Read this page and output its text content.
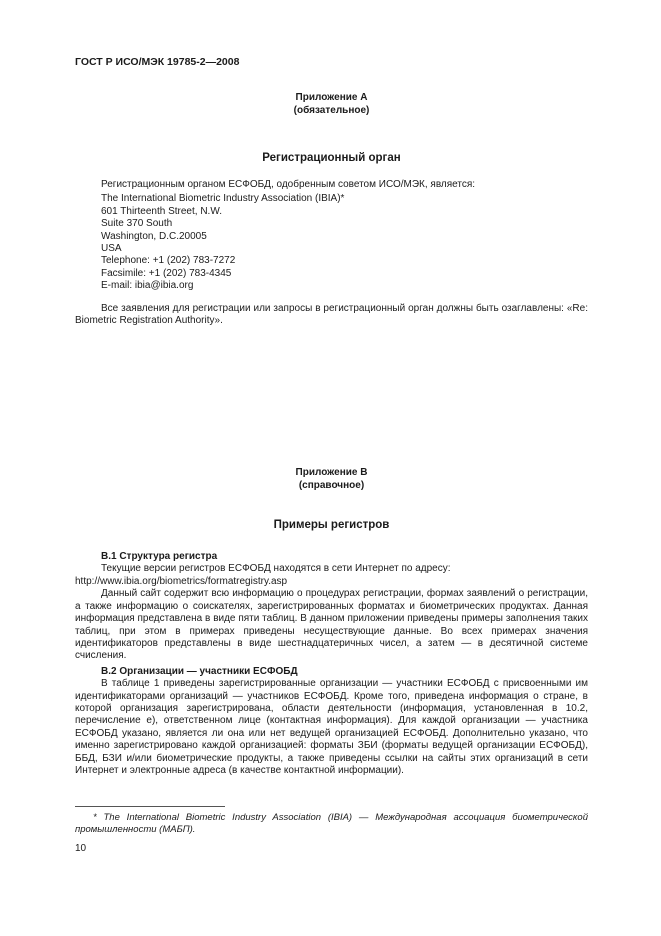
ГОСТ Р ИСО/МЭК 19785-2—2008
Приложение А
(обязательное)
Регистрационный орган
Регистрационным органом ЕСФОБД, одобренным советом ИСО/МЭК, является:
The International Biometric Industry Association (IBIA)*
601 Thirteenth Street, N.W.
Suite 370 South
Washington, D.C.20005
USA
Telephone: +1 (202) 783-7272
Facsimile: +1 (202) 783-4345
E-mail: ibia@ibia.org
Все заявления для регистрации или запросы в регистрационный орган должны быть озаглавлены: «Re: Biometric Registration Authority».
Приложение В
(справочное)
Примеры регистров
В.1 Структура регистра
Текущие версии регистров ЕСФОБД находятся в сети Интернет по адресу:
http://www.ibia.org/biometrics/formatregistry.asp
Данный сайт содержит всю информацию о процедурах регистрации, формах заявлений о регистрации, а также информацию о соискателях, зарегистрированных форматах и биометрических продуктах. Данная информация представлена в виде пяти таблиц. В данном приложении приведены примеры заполнения таких таблиц, при этом в примерах приведены несуществующие данные. Во всех примерах значения идентификаторов представлены в виде шестнадцатеричных чисел, а затем — в десятичной системе счисления.
В.2 Организации — участники ЕСФОБД
В таблице 1 приведены зарегистрированные организации — участники ЕСФОБД с присвоенными им идентификаторами организаций — участников ЕСФОБД. Кроме того, приведена информация о стране, в которой организация зарегистрирована, области деятельности (информация, установленная в 10.2, перечисление е), ответственном лице (контактная информация). Для каждой организации — участника ЕСФОБД указано, является ли она или нет ведущей организацией ЕСФОБД. Дополнительно указано, что именно зарегистрировано каждой организацией: форматы ЗБИ (форматы ведущей организации ЕСФОБД), ББД, БЗИ и/или биометрические продукты, а также приведены ссылки на сайты этих организаций в сети Интернет и электронные адреса (в качестве контактной информации).
* The International Biometric Industry Association (IBIA) — Международная ассоциация биометрической промышленности (МАБП).
10
